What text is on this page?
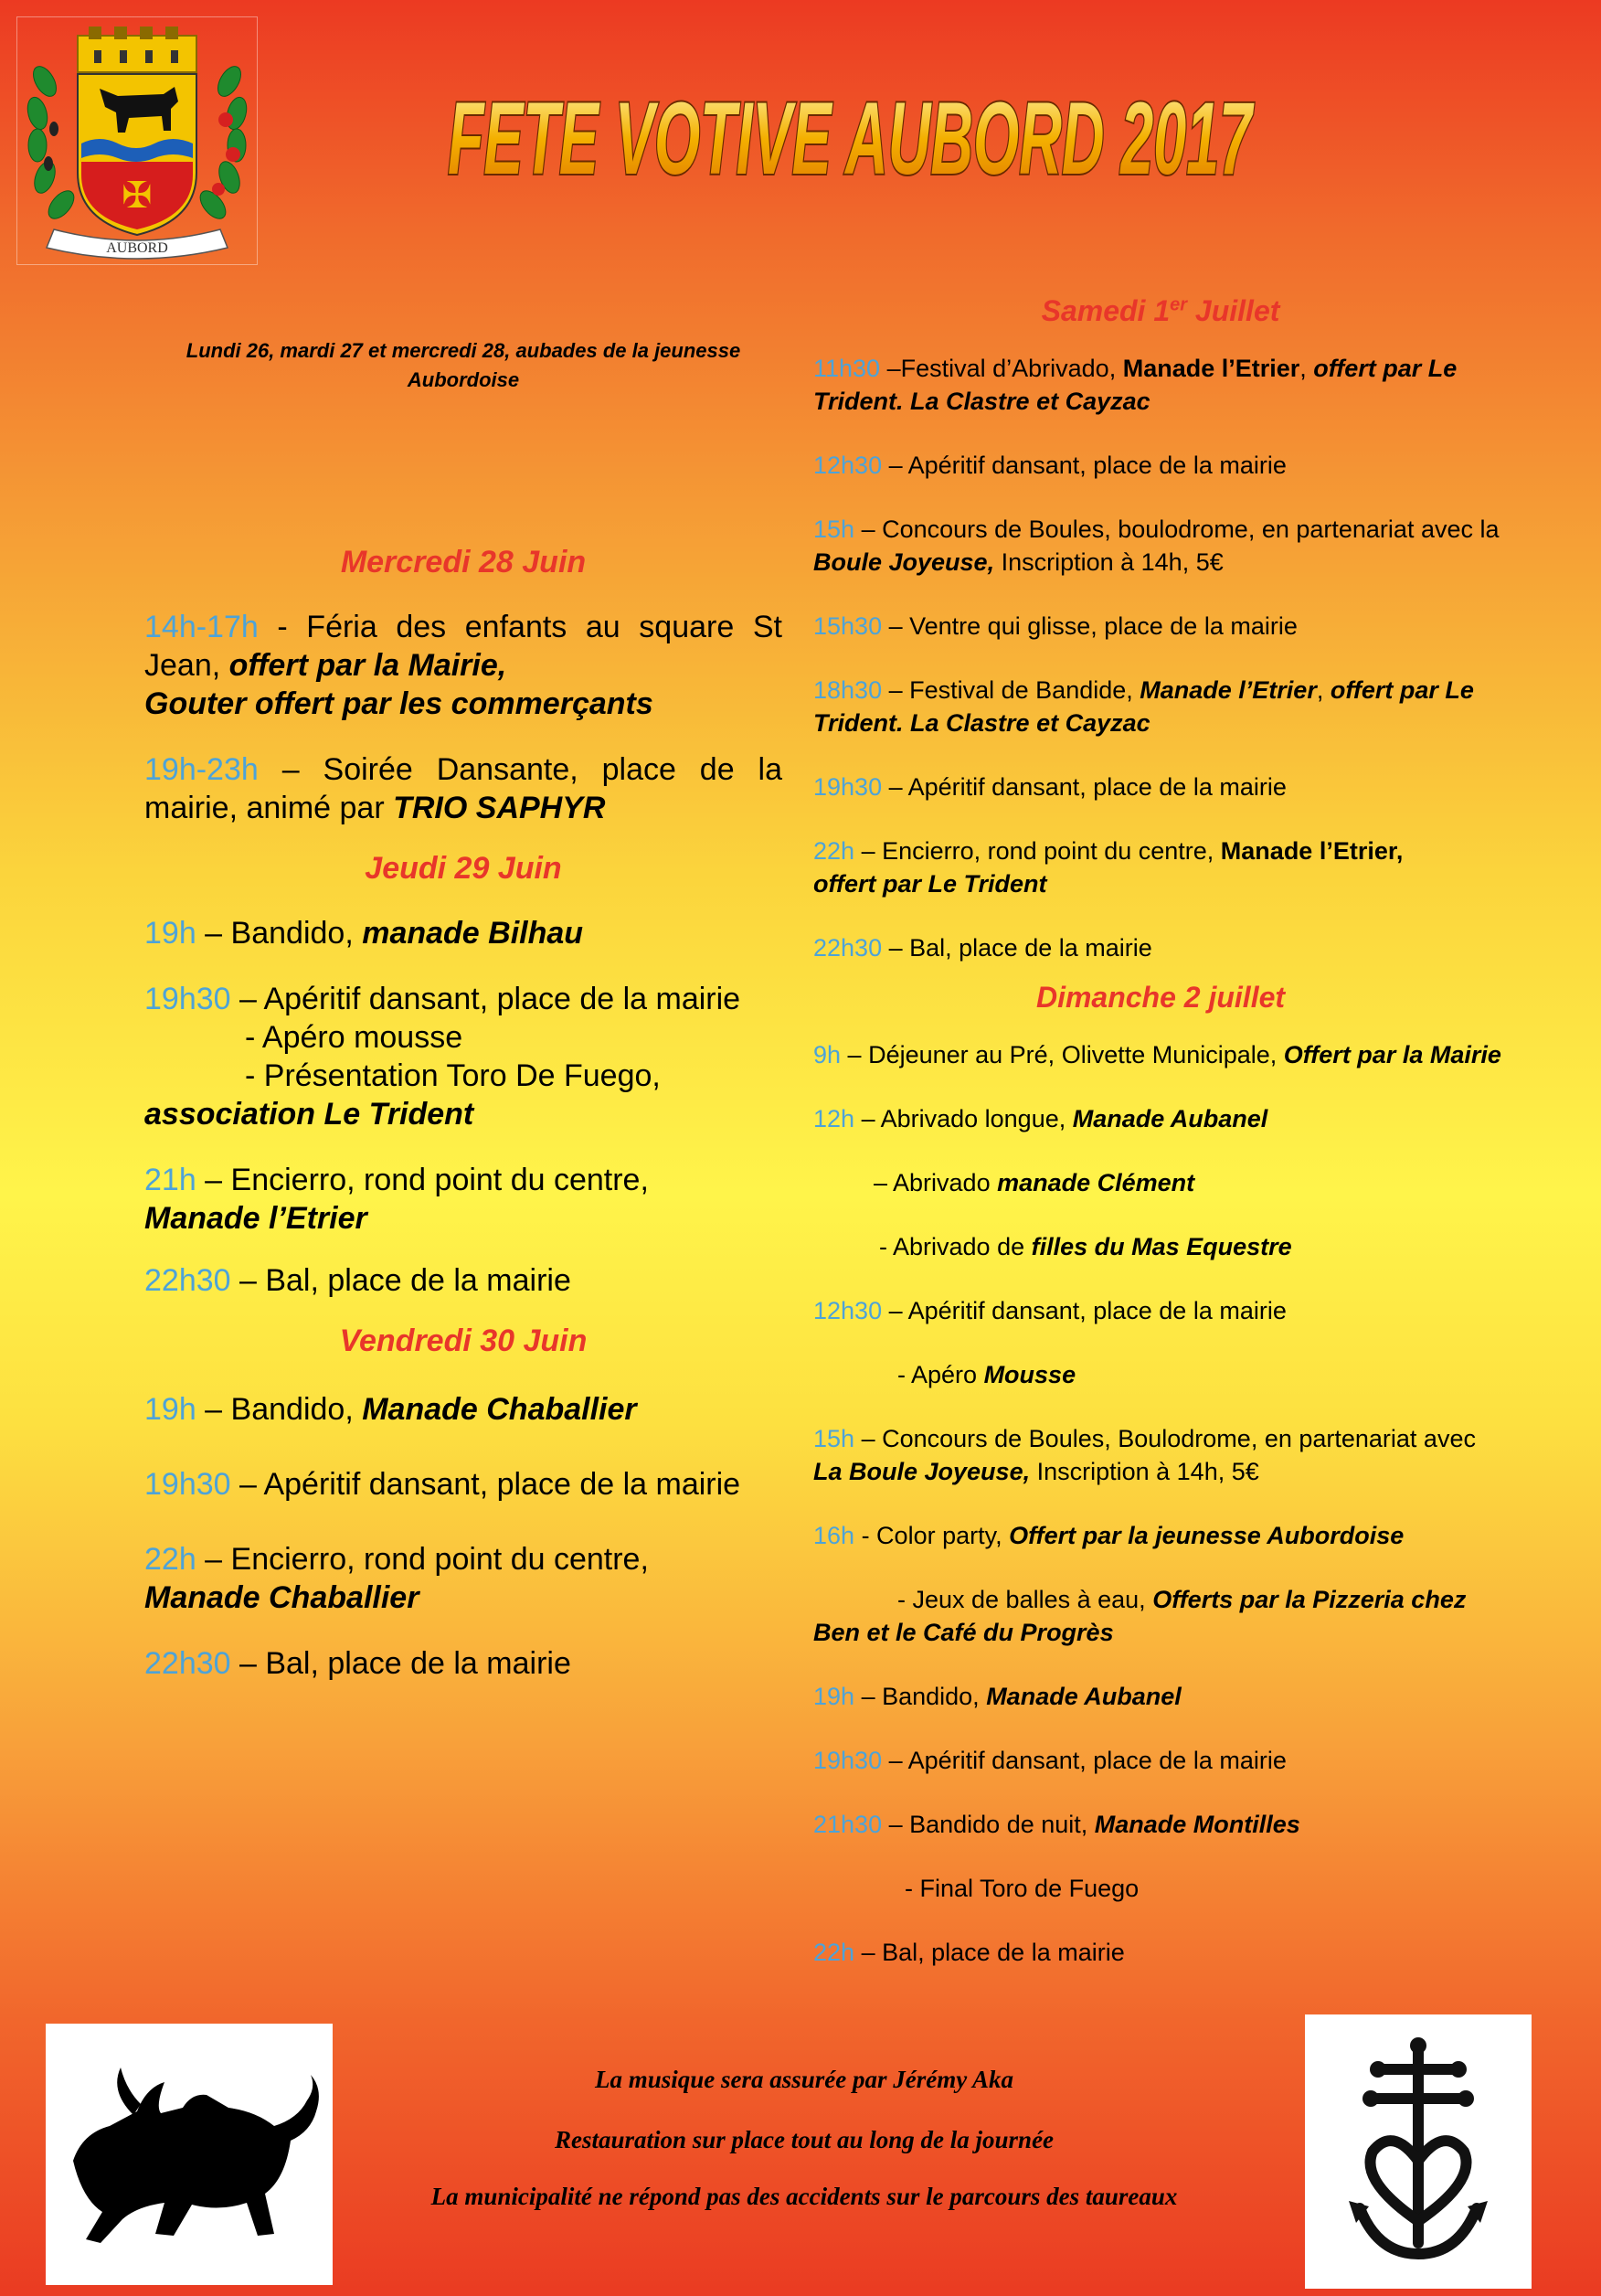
✠
AUBORD
FETE VOTIVE AUBORD 2017
Lundi 26, mardi 27 et mercredi 28, aubades de la jeunesse Aubordoise
Mercredi 28 Juin

14h-17h - Féria des enfants au square St Jean, offert par la Mairie,
Gouter offert par les commerçants

19h-23h – Soirée Dansante, place de la mairie, animé par TRIO SAPHYR

Jeudi 29 Juin

19h – Bandido, manade Bilhau

19h30 – Apéritif dansant, place de la mairie
- Apéro mousse
- Présentation Toro De Fuego,
association Le Trident

21h – Encierro, rond point du centre,
Manade l’Etrier

22h30 – Bal, place de la mairie

Vendredi 30 Juin

19h – Bandido, Manade Chaballier

19h30 – Apéritif dansant, place de la mairie

22h – Encierro, rond point du centre,
Manade Chaballier

22h30 – Bal, place de la mairie

Samedi 1er Juillet

11h30 –Festival d’Abrivado, Manade l’Etrier, offert par Le Trident. La Clastre et Cayzac

12h30 – Apéritif dansant, place de la mairie

15h – Concours de Boules, boulodrome, en partenariat avec la Boule Joyeuse, Inscription à 14h, 5€

15h30 – Ventre qui glisse, place de la mairie

18h30 – Festival de Bandide, Manade l’Etrier, offert par Le Trident. La Clastre et Cayzac

19h30 – Apéritif dansant, place de la mairie

22h – Encierro, rond point du centre, Manade l’Etrier,
offert par Le Trident

22h30 – Bal, place de la mairie

Dimanche 2 juillet

9h – Déjeuner au Pré, Olivette Municipale, Offert par la Mairie

12h – Abrivado longue, Manade Aubanel

– Abrivado manade Clément

- Abrivado de filles du Mas Equestre

12h30 – Apéritif dansant, place de la mairie

- Apéro Mousse

15h – Concours de Boules, Boulodrome, en partenariat avec La Boule Joyeuse, Inscription à 14h, 5€

16h - Color party, Offert par la jeunesse Aubordoise

- Jeux de balles à eau, Offerts par la Pizzeria chez Ben et le Café du Progrès

19h – Bandido, Manade Aubanel

19h30 – Apéritif dansant, place de la mairie

21h30 – Bandido de nuit, Manade Montilles

- Final Toro de Fuego

22h – Bal, place de la mairie

La musique sera assurée par Jérémy Aka
Restauration sur place tout au long de la journée
La municipalité ne répond pas des accidents sur le parcours des taureaux
